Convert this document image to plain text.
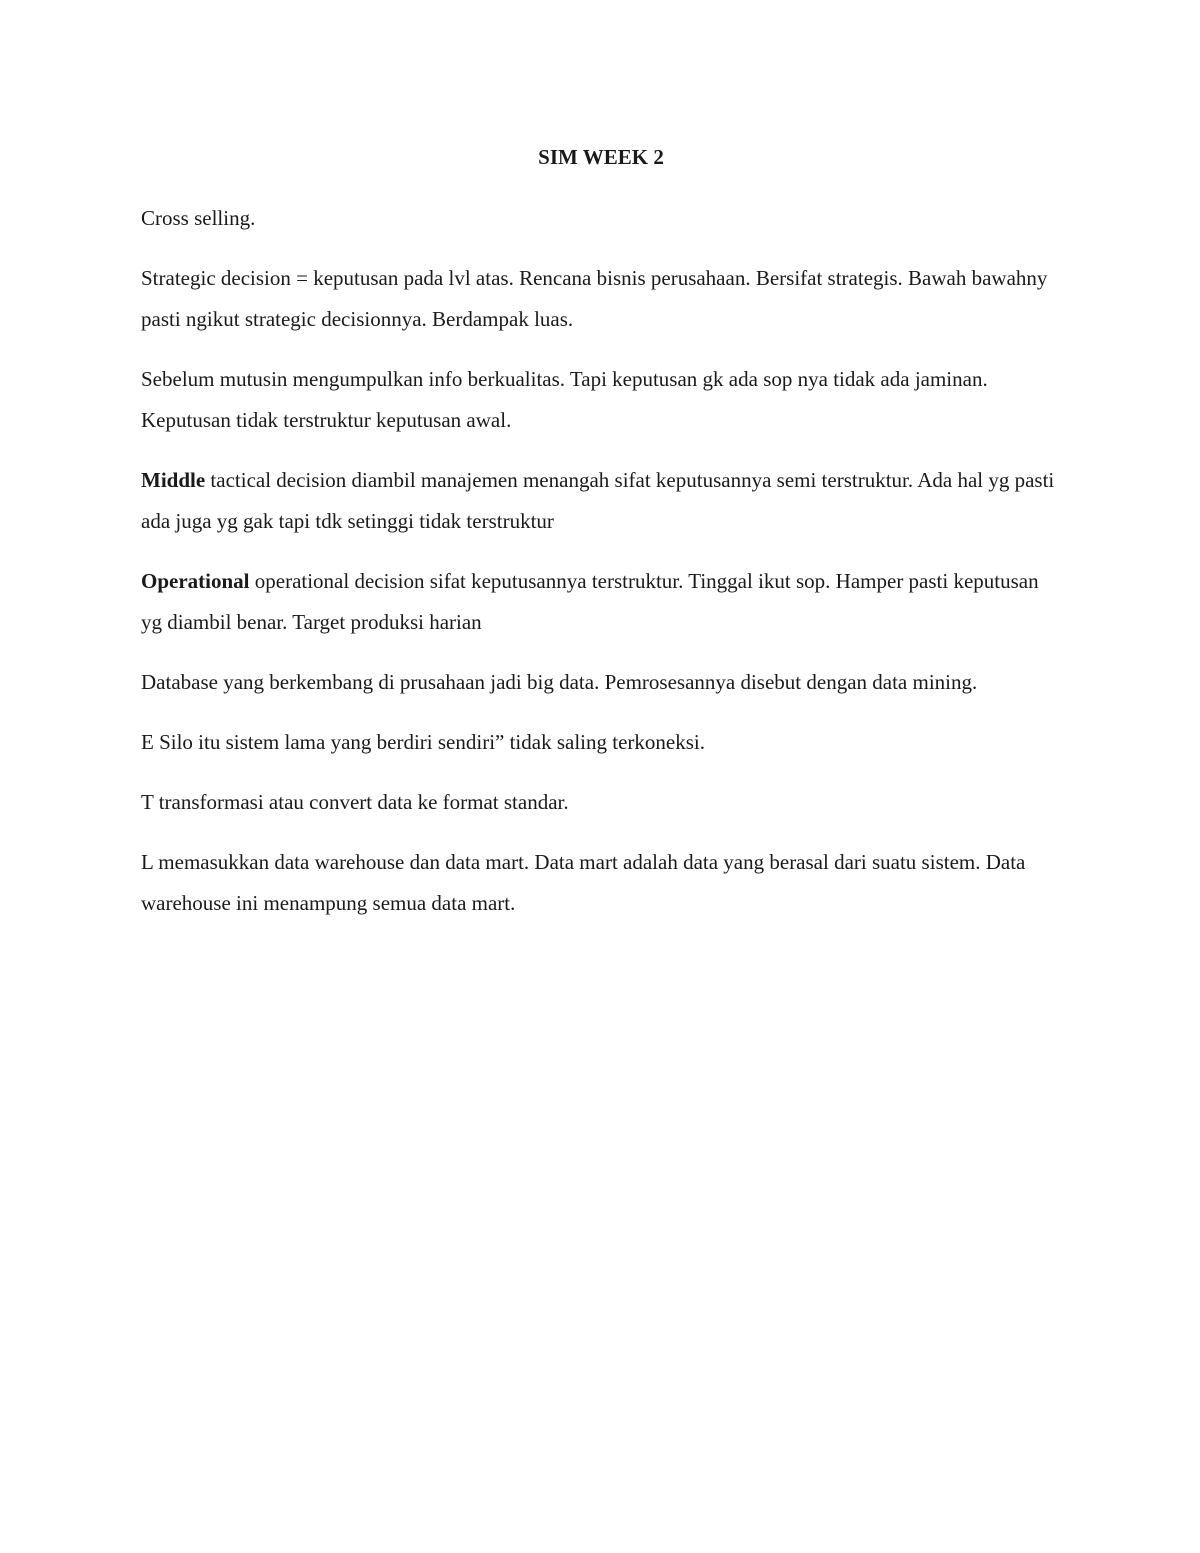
SIM WEEK 2

Cross selling.

Strategic decision = keputusan pada lvl atas. Rencana bisnis perusahaan. Bersifat strategis. Bawah bawahny pasti ngikut strategic decisionnya. Berdampak luas.

Sebelum mutusin mengumpulkan info berkualitas. Tapi keputusan gk ada sop nya tidak ada jaminan. Keputusan tidak terstruktur keputusan awal.

Middle tactical decision diambil manajemen menangah sifat keputusannya semi terstruktur. Ada hal yg pasti ada juga yg gak tapi tdk setinggi tidak terstruktur

Operational operational decision sifat keputusannya terstruktur. Tinggal ikut sop. Hamper pasti keputusan yg diambil benar. Target produksi harian

Database yang berkembang di prusahaan jadi big data. Pemrosesannya disebut dengan data mining.

E Silo itu sistem lama yang berdiri sendiri” tidak saling terkoneksi.

T transformasi atau convert data ke format standar.

L memasukkan data warehouse dan data mart. Data mart adalah data yang berasal dari suatu sistem. Data warehouse ini menampung semua data mart.
